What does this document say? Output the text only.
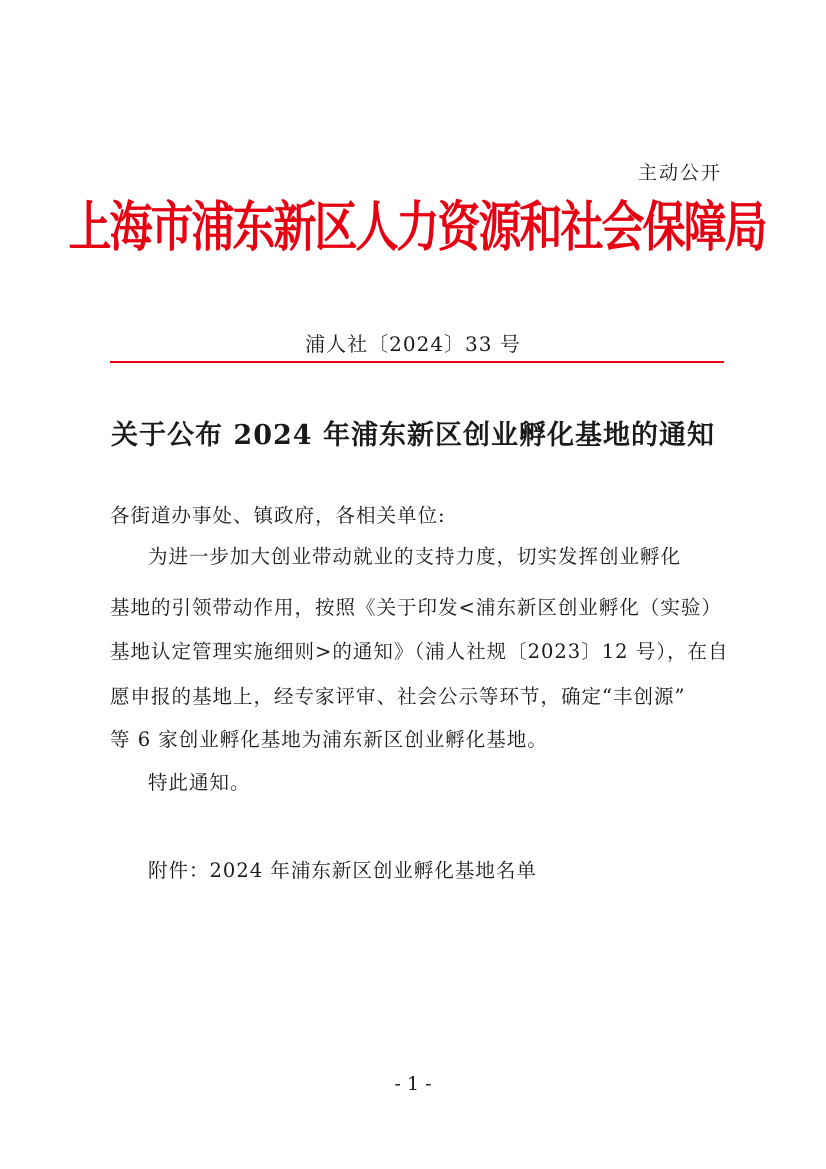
主动公开
上海市浦东新区人力资源和社会保障局
浦人社〔2024〕33 号
关于公布 2024 年浦东新区创业孵化基地的通知
各街道办事处、镇政府，各相关单位:
为进一步加大创业带动就业的支持力度，切实发挥创业孵化
基地的引领带动作用，按照《关于印发<浦东新区创业孵化（实验）
基地认定管理实施细则>的通知》（浦人社规〔2023〕12 号），在自
愿申报的基地上，经专家评审、社会公示等环节，确定“丰创源”
等 6 家创业孵化基地为浦东新区创业孵化基地。
特此通知。
附件：2024 年浦东新区创业孵化基地名单
- 1 -
